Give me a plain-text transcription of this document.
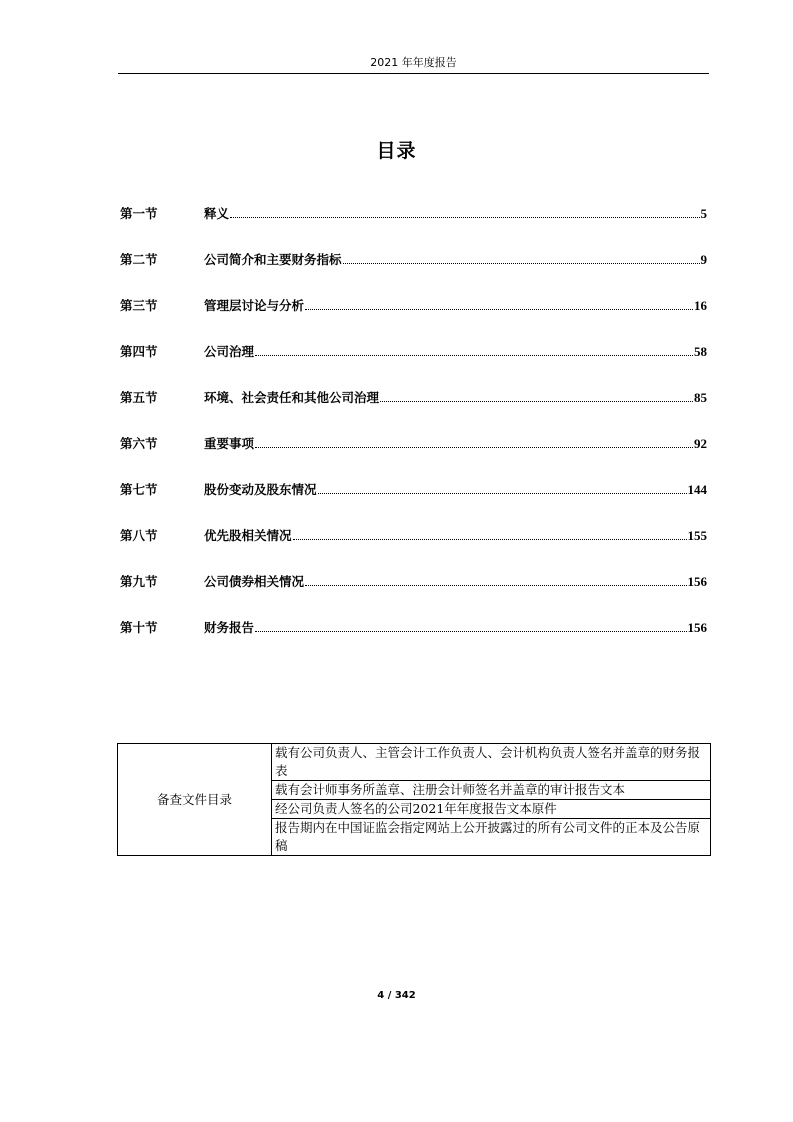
2021 年年度报告
目录
第一节	释义	5
第二节	公司简介和主要财务指标	9
第三节	管理层讨论与分析	16
第四节	公司治理	58
第五节	环境、社会责任和其他公司治理	85
第六节	重要事项	92
第七节	股份变动及股东情况	144
第八节	优先股相关情况	155
第九节	公司债券相关情况	156
第十节	财务报告	156
备查文件目录	载有公司负责人、主管会计工作负责人、会计机构负责人签名并盖章的财务报表
载有会计师事务所盖章、注册会计师签名并盖章的审计报告文本
经公司负责人签名的公司2021年年度报告文本原件
报告期内在中国证监会指定网站上公开披露过的所有公司文件的正本及公告原稿
4 / 342
